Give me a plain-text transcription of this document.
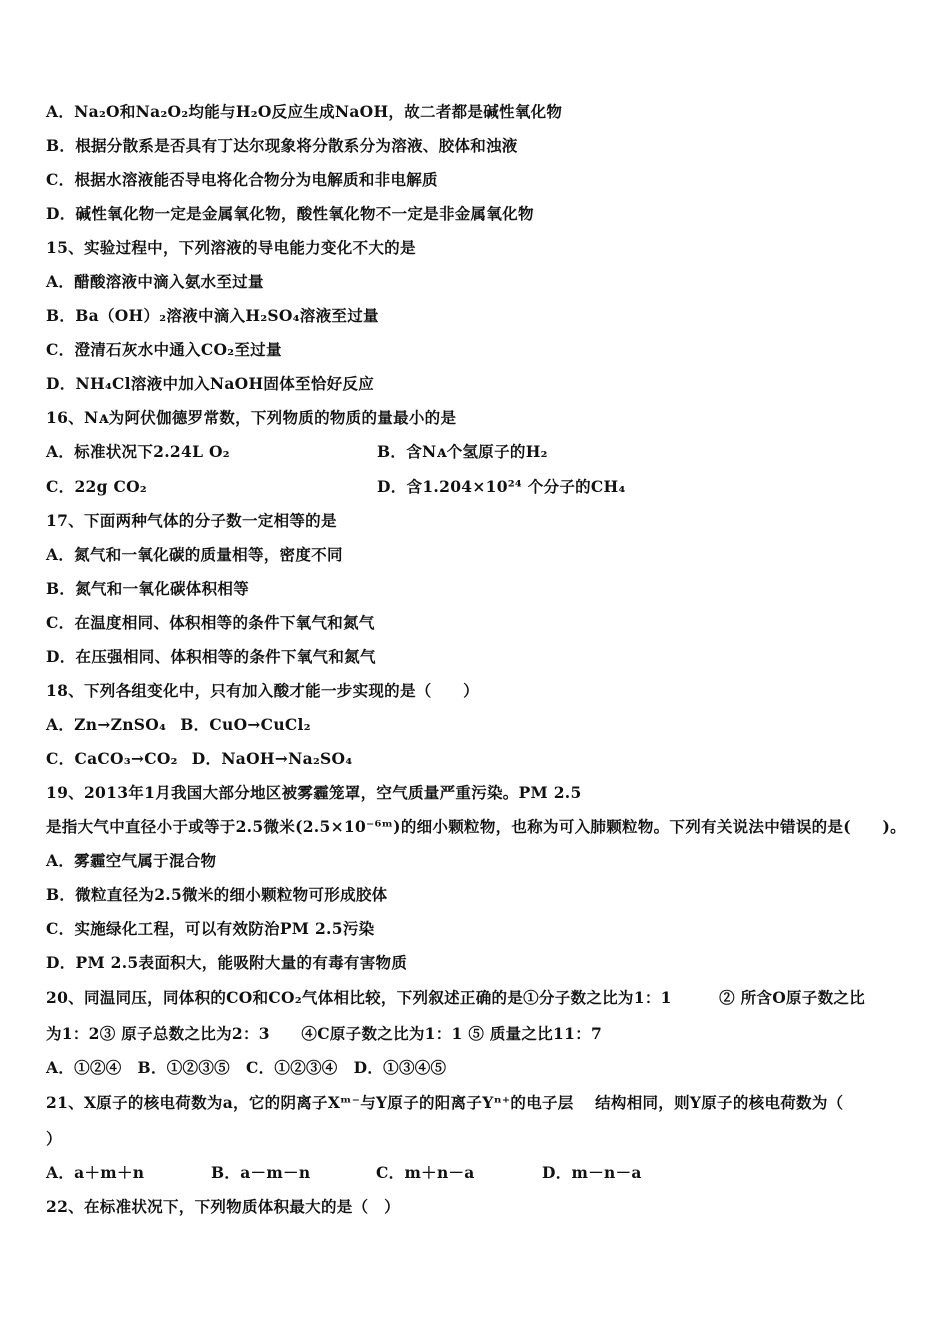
A．Na₂O和Na₂O₂均能与H₂O反应生成NaOH，故二者都是碱性氧化物
B．根据分散系是否具有丁达尔现象将分散系分为溶液、胶体和浊液
C．根据水溶液能否导电将化合物分为电解质和非电解质
D．碱性氧化物一定是金属氧化物，酸性氧化物不一定是非金属氧化物
15、实验过程中，下列溶液的导电能力变化不大的是
A．醋酸溶液中滴入氨水至过量
B．Ba（OH）₂溶液中滴入H₂SO₄溶液至过量
C．澄清石灰水中通入CO₂至过量
D．NH₄Cl溶液中加入NaOH固体至恰好反应
16、Nᴀ为阿伏伽德罗常数，下列物质的物质的量最小的是
A．标准状况下2.24L O₂	B．含Nᴀ个氢原子的H₂
C．22g CO₂	D．含1.204×10²⁴ 个分子的CH₄
17、下面两种气体的分子数一定相等的是
A．氮气和一氧化碳的质量相等，密度不同
B．氮气和一氧化碳体积相等
C．在温度相同、体积相等的条件下氧气和氮气
D．在压强相同、体积相等的条件下氧气和氮气
18、下列各组变化中，只有加入酸才能一步实现的是（　　）
A．Zn→ZnSO₄ B．CuO→CuCl₂
C．CaCO₃→CO₂ D．NaOH→Na₂SO₄
19、2013年1月我国大部分地区被雾霾笼罩，空气质量严重污染。PM 2.5
是指大气中直径小于或等于2.5微米(2.5×10⁻⁶ᵐ)的细小颗粒物，也称为可入肺颗粒物。下列有关说法中错误的是(　　)。
A．雾霾空气属于混合物
B．微粒直径为2.5微米的细小颗粒物可形成胶体
C．实施绿化工程，可以有效防治PM 2.5污染
D．PM 2.5表面积大，能吸附大量的有毒有害物质
20、同温同压，同体积的CO和CO₂气体相比较，下列叙述正确的是①分子数之比为1：1　　　② 所含O原子数之比
为1：2③ 原子总数之比为2：3　　④C原子数之比为1：1 ⑤ 质量之比11：7
A．①②④ B．①②③⑤ C．①②③④ D．①③④⑤
21、X原子的核电荷数为a，它的阴离子Xᵐ⁻与Y原子的阳离子Yⁿ⁺的电子层　 结构相同，则Y原子的核电荷数为（
）
A．a＋m＋n	B．a－m－n	C．m＋n－a	D．m－n－a
22、在标准状况下，下列物质体积最大的是（　）
